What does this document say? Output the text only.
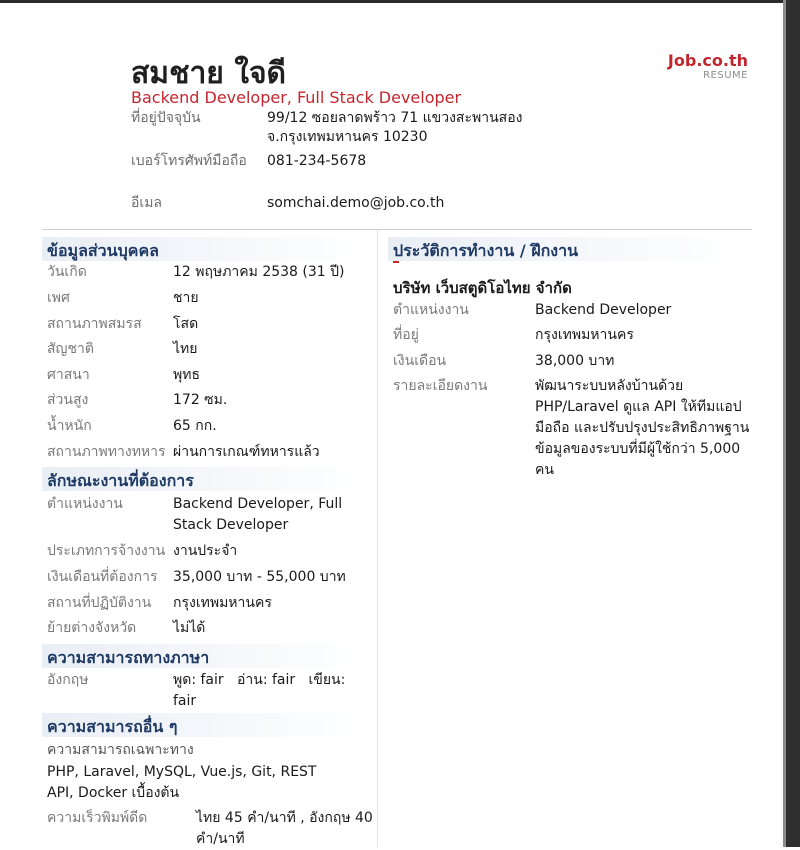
สมชาย ใจดี
Backend Developer, Full Stack Developer
Job.co.th
RESUME
ที่อยู่ปัจจุบัน	99/12 ซอยลาดพร้าว 71 แขวงสะพานสอง จ.กรุงเทพมหานคร 10230
เบอร์โทรศัพท์มือถือ 081-234-5678
อีเมล	somchai.demo@job.co.th
ข้อมูลส่วนบุคคล
วันเกิด	12 พฤษภาคม 2538 (31 ปี)
เพศ	ชาย
สถานภาพสมรส โสด
สัญชาติ	ไทย
ศาสนา	พุทธ
ส่วนสูง	172 ซม.
น้ำหนัก	65 กก.
สถานภาพทางทหาร ผ่านการเกณฑ์ทหารแล้ว
ลักษณะงานที่ต้องการ
ตำแหน่งงาน	Backend Developer, Full Stack Developer
ประเภทการจ้างงาน งานประจำ
เงินเดือนที่ต้องการ 35,000 บาท - 55,000 บาท
สถานที่ปฏิบัติงาน กรุงเทพมหานคร
ย้ายต่างจังหวัด	ไม่ได้
ความสามารถทางภาษา
อังกฤษ	พูด: fair   อ่าน: fair   เขียน: fair
ความสามารถอื่น ๆ
ความสามารถเฉพาะทาง
PHP, Laravel, MySQL, Vue.js, Git, REST API, Docker เบื้องต้น
ความเร็วพิมพ์ดีด	ไทย 45 คำ/นาที , อังกฤษ 40 คำ/นาที
ประวัติการทำงาน / ฝึกงาน
บริษัท เว็บสตูดิโอไทย จำกัด
ตำแหน่งงาน	Backend Developer
ที่อยู่	กรุงเทพมหานคร
เงินเดือน	38,000 บาท
รายละเอียดงาน	พัฒนาระบบหลังบ้านด้วย PHP/Laravel ดูแล API ให้ทีมแอปมือถือ และปรับปรุงประสิทธิภาพฐานข้อมูลของระบบที่มีผู้ใช้กว่า 5,000 คน
